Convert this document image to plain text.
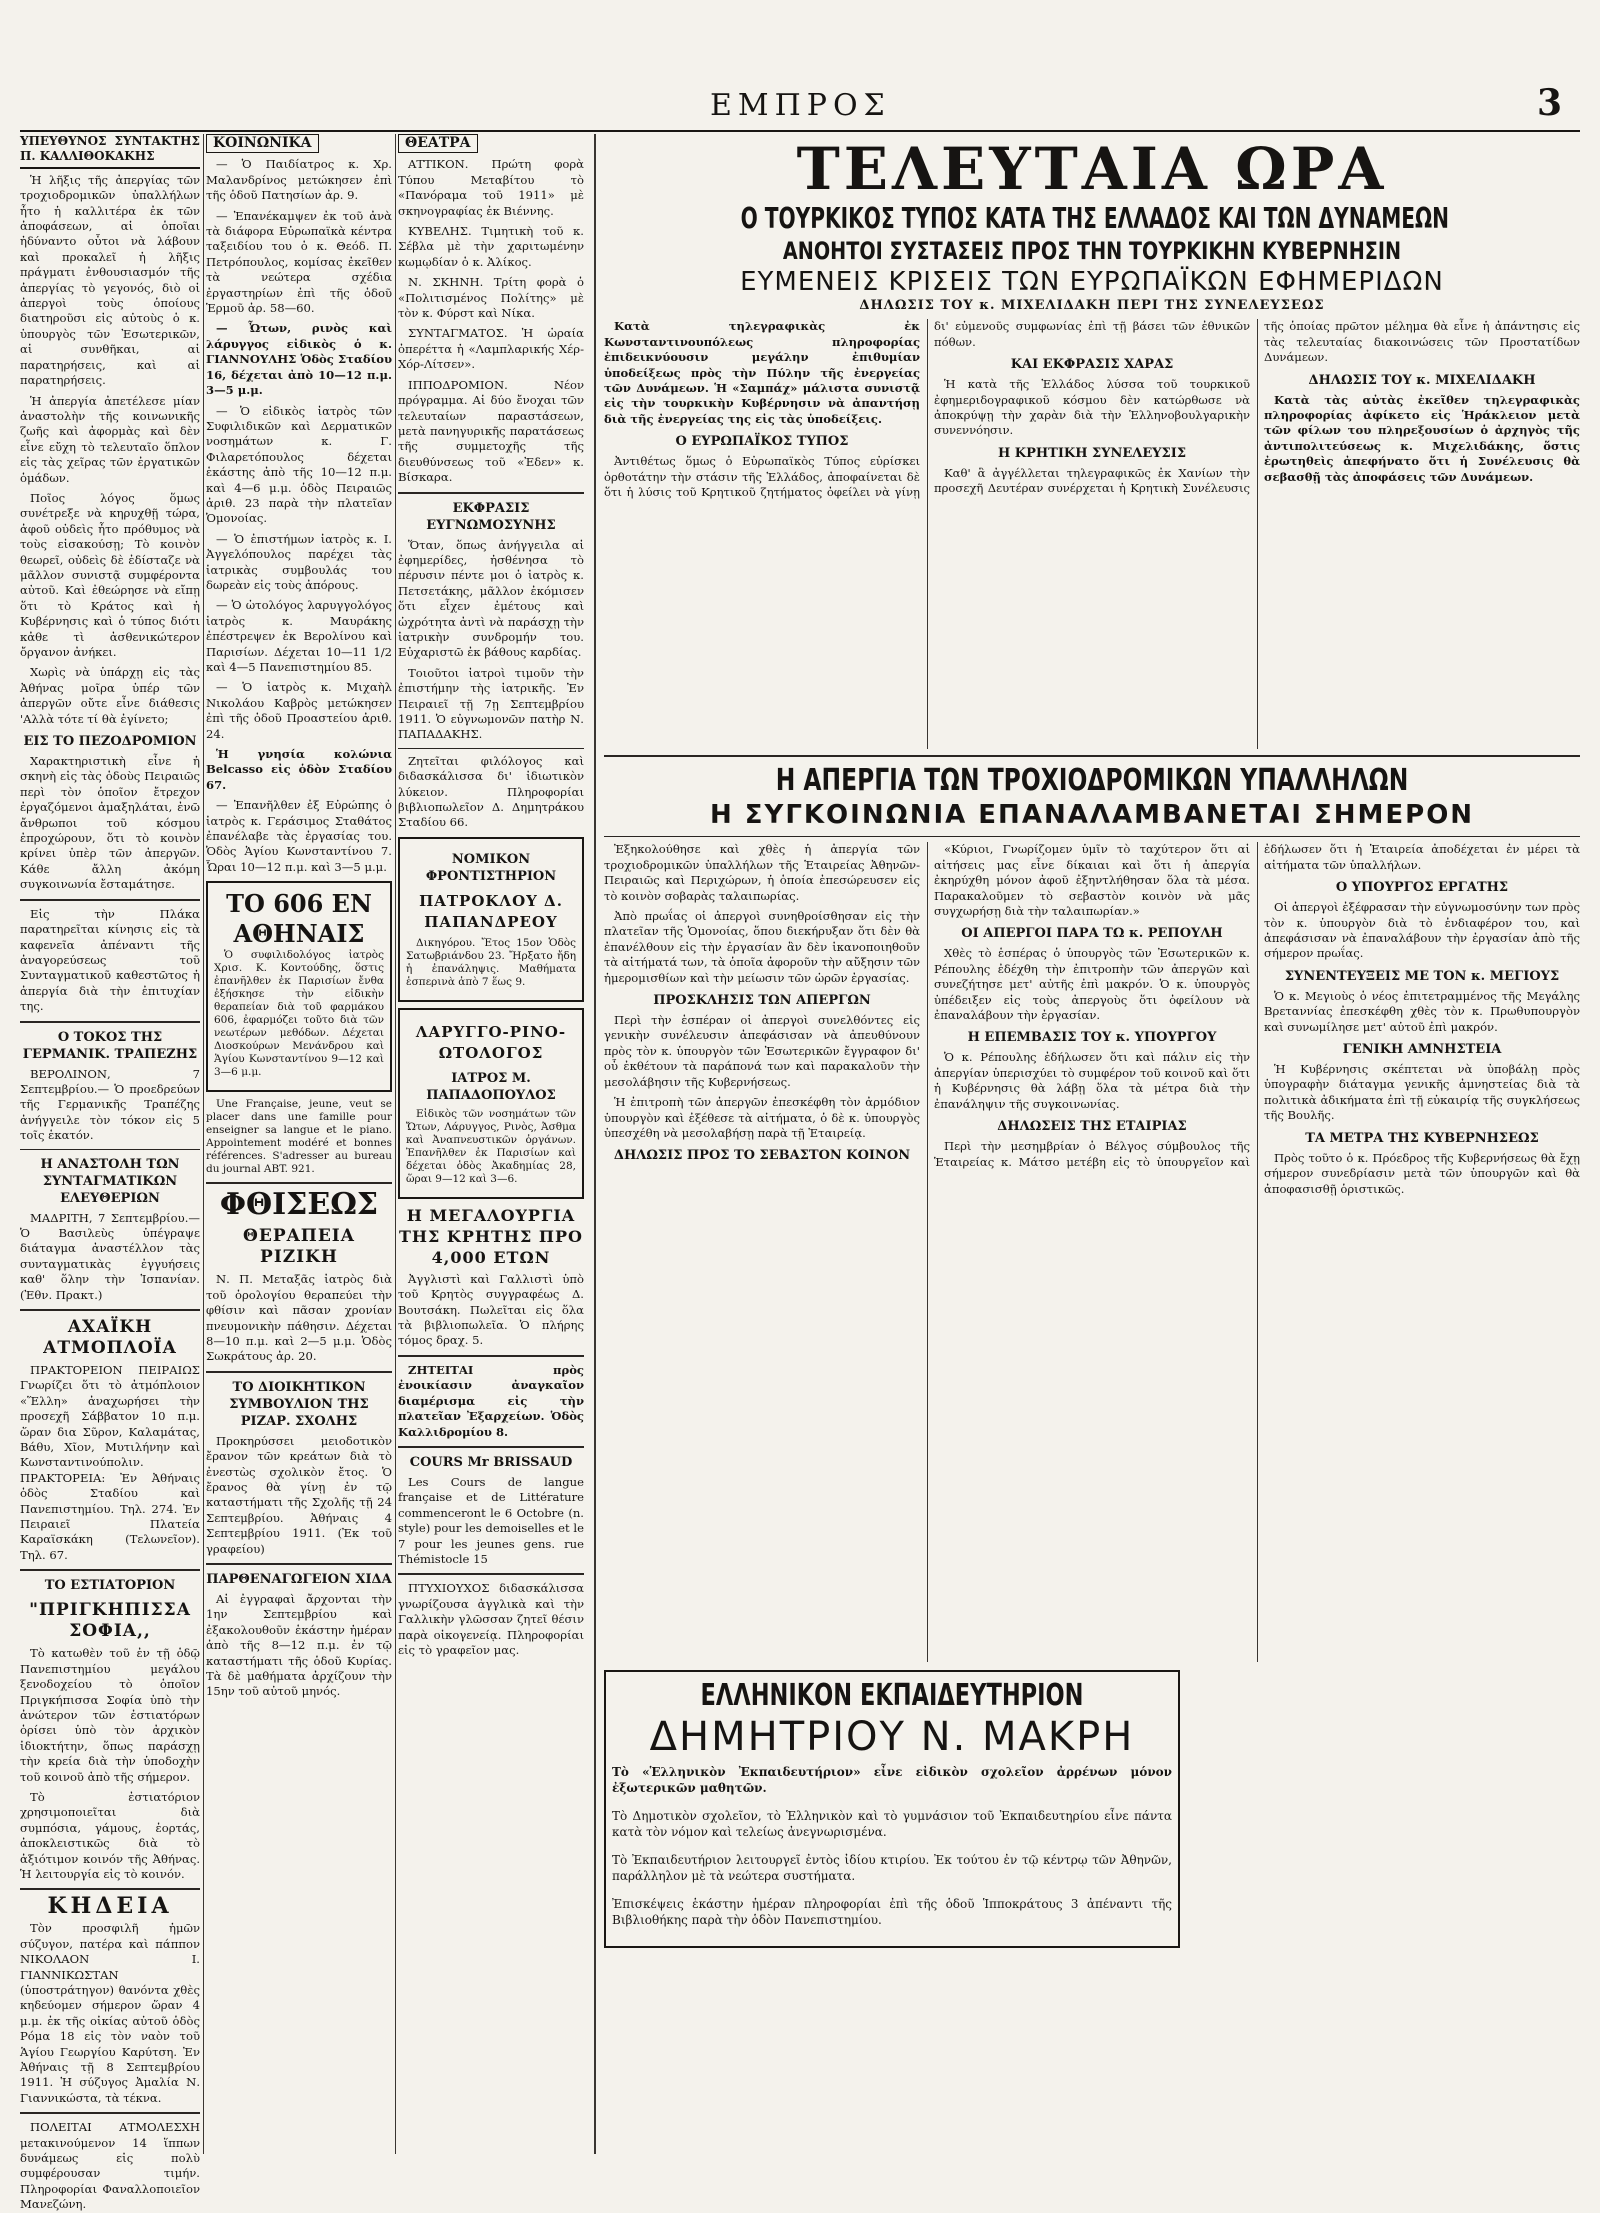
ΕΜΠΡΟΣ	3
ΥΠΕΥΘΥΝΟΣ ΣΥΝΤΑΚΤΗΣ Π. ΚΑΛΛΙΘΟΚΑΚΗΣ

Ἡ λῆξις τῆς ἀπεργίας τῶν τροχιοδρομικῶν ὑπαλλήλων ἦτο ἡ καλλιτέρα ἐκ τῶν ἀποφάσεων, αἱ ὁποῖαι ἠδύναντο οὗτοι νὰ λάβουν καὶ προκαλεῖ ἡ λῆξις πράγματι ἐνθουσιασμόν τῆς ἀπεργίας τὸ γεγονός, διὸ οἱ ἀπεργοὶ τοὺς ὁποίους διατηροῦσι εἰς αὐτοὺς ὁ κ. ὑπουργὸς τῶν Ἐσωτερικῶν, αἱ συνθῆκαι, αἱ παρατηρήσεις, καὶ αἱ παρατηρήσεις.

Ἡ ἀπεργία ἀπετέλεσε μίαν ἀναστολὴν τῆς κοινωνικῆς ζωῆς καὶ ἀφορμὰς καὶ δὲν εἶνε εὔχη τὸ τελευταῖο ὅπλον εἰς τὰς χεῖρας τῶν ἐργατικῶν ὁμάδων.

Ποῖος λόγος ὅμως συνέτρεξε νὰ κηρυχθῇ τώρα, ἀφοῦ οὐδεὶς ἦτο πρόθυμος νὰ τοὺς εἰσακούσῃ; Τὸ κοινὸν θεωρεῖ, οὐδεὶς δὲ ἐδίσταζε νὰ μᾶλλον συνιστᾷ συμφέροντα αὐτοῦ. Καὶ ἐθεώρησε νὰ εἴπῃ ὅτι τὸ Κράτος καὶ ἡ Κυβέρνησις καὶ ὁ τύπος διότι κἀθε τὶ ἀσθενικώτερον ὄργανον ἀνήκει.

Χωρὶς νὰ ὑπάρχῃ εἰς τὰς Ἀθήνας μοῖρα ὑπέρ τῶν ἀπεργῶν οὔτε εἶνε διάθεσις 'Αλλὰ τότε τί θὰ ἐγίνετο;

ΕΙΣ ΤΟ ΠΕΖΟΔΡΟΜΙΟΝ

Χαρακτηριστικὴ εἶνε ἡ σκηνὴ εἰς τὰς ὁδοὺς Πειραιῶς περὶ τὸν ὁποῖον ἔτρεχον ἐργαζόμενοι ἀμαξηλάται, ἐνῶ ἄνθρωποι τοῦ κόσμου ἐπροχώρουν, ὅτι τὸ κοινὸν κρίνει ὑπὲρ τῶν ἀπεργῶν. Κάθε ἄλλη ἀκόμη συγκοινωνία ἔσταμάτησε.

Εἰς τὴν Πλάκα παρατηρεῖται κίνησις εἰς τὰ καφενεῖα ἀπέναντι τῆς ἀναγορεύσεως τοῦ Συνταγματικοῦ καθεστῶτος ἡ ἀπεργία διὰ τὴν ἐπιτυχίαν της.

Ο ΤΟΚΟΣ ΤΗΣ ΓΕΡΜΑΝΙΚ. ΤΡΑΠΕΖΗΣ

ΒΕΡΟΛΙΝΟΝ, 7 Σεπτεμβρίου.— Ὁ προεδρεύων τῆς Γερμανικῆς Τραπέζης ἀνήγγειλε τὸν τόκον εἰς 5 τοῖς ἑκατόν.

Η ΑΝΑΣΤΟΛΗ ΤΩΝ ΣΥΝΤΑΓΜΑΤΙΚΩΝ ΕΛΕΥΘΕΡΙΩΝ

ΜΑΔΡΙΤΗ, 7 Σεπτεμβρίου.— Ὁ Βασιλεὺς ὑπέγραψε διάταγμα ἀναστέλλον τὰς συνταγματικὰς ἐγγυήσεις καθ' ὅλην τὴν Ἱσπανίαν. (Ἐθν. Πρακτ.)

ΑΧΑΪΚΗ ΑΤΜΟΠΛΟΪΑ

ΠΡΑΚΤΟΡΕΙΟΝ ΠΕΙΡΑΙΩΣ Γνωρίζει ὅτι τὸ ἀτμόπλοιον «Ἕλλη» ἀναχωρήσει τὴν προσεχῆ Σάββατον 10 π.μ. ὥραν δια Σῦρον, Καλαμάτας, Βάθυ, Χῖον, Μυτιλήνην καὶ Κωνσταντινούπολιν. ΠΡΑΚΤΟΡΕΙΑ: Ἐν Ἀθήναις ὁδὸς Σταδίου καὶ Πανεπιστημίου. Τηλ. 274. Ἐν Πειραιεῖ Πλατεία Καραϊσκάκη (Τελωνεῖον). Τηλ. 67.

ΤΟ ΕΣΤΙΑΤΟΡΙΟΝ
"ΠΡΙΓΚΗΠΙΣΣΑ ΣΟΦΙΑ,,

Τὸ κατωθὲν τοῦ ἐν τῇ ὁδῷ Πανεπιστημίου μεγάλου ξενοδοχείου τὸ ὁποῖον Πριγκήπισσα Σοφία ὑπὸ τὴν ἀνώτερον τῶν ἐστιατόρων ὁρίσει ὑπὸ τὸν ἀρχικὸν ἰδιοκτήτην, ὅπως παράσχῃ τὴν κρεία διὰ τὴν ὑποδοχὴν τοῦ κοινοῦ ἀπὸ τῆς σήμερον.

Τὸ ἐστιατόριον χρησιμοποιεῖται διὰ συμπόσια, γάμους, ἑορτάς, ἀποκλειστικῶς διὰ τὸ ἀξιότιμον κοινόν τῆς Ἀθήνας. Ἡ λειτουργία εἰς τὸ κοινόν.

ΚΗΔΕΙΑ

Τὸν προσφιλῆ ἡμῶν σύζυγον, πατέρα καὶ πάππον ΝΙΚΟΛΑΟΝ Ι. ΓΙΑΝΝΙΚΩΣΤΑΝ (ὑποστράτηγον) θανόντα χθὲς κηδεύομεν σήμερον ὥραν 4 μ.μ. ἐκ τῆς οἰκίας αὐτοῦ ὁδὸς Ρόμα 18 εἰς τὸν ναὸν τοῦ Ἁγίου Γεωργίου Καρύτση. Ἐν Ἀθήναις τῇ 8 Σεπτεμβρίου 1911. Ἡ σύζυγος Ἀμαλία Ν. Γιαννικώστα, τὰ τέκνα.

ΠΟΛΕΙΤΑΙ ΑΤΜΟΛΕΣΧΗ μετακινούμενον 14 ἵππων δυνάμεως εἰς πολὺ συμφέρουσαν τιμήν. Πληροφορίαι Φαναλλοποιεῖον Μανεζώνη.

ΚΟΙΝΩΝΙΚΑ

— Ὁ Παιδίατρος κ. Χρ. Μαλανδρίνος μετώκησεν ἐπὶ τῆς ὁδοῦ Πατησίων ἀρ. 9.

— Ἐπανέκαμψεν ἐκ τοῦ ἀνὰ τὰ διάφορα Εὐρωπαϊκὰ κέντρα ταξειδίου του ὁ κ. Θεόδ. Π. Πετρόπουλος, κομίσας ἐκεῖθεν τὰ νεώτερα σχέδια ἐργαστηρίων ἐπὶ τῆς ὁδοῦ Ἑρμοῦ ἀρ. 58—60.

— Ὦτων, ρινὸς καὶ λάρυγγος εἰδικὸς ὁ κ. ΓΙΑΝΝΟΥΛΗΣ Ὁδὸς Σταδίου 16, δέχεται ἀπὸ 10—12 π.μ. 3—5 μ.μ.

— Ὁ εἰδικὸς ἰατρὸς τῶν Συφιλιδικῶν καὶ Δερματικῶν νοσημάτων κ. Γ. Φιλαρετόπουλος δέχεται ἑκάστης ἀπὸ τῆς 10—12 π.μ. καὶ 4—6 μ.μ. ὁδὸς Πειραιῶς ἀριθ. 23 παρὰ τὴν πλατεῖαν Ὁμονοίας.

— Ὁ ἐπιστήμων ἰατρὸς κ. Ι. Ἀγγελόπουλος παρέχει τὰς ἰατρικὰς συμβουλάς του δωρεὰν εἰς τοὺς ἀπόρους.

— Ὁ ὠτολόγος λαρυγγολόγος ἰατρὸς κ. Μαυράκης ἐπέστρεψεν ἐκ Βερολίνου καὶ Παρισίων. Δέχεται 10—11 1/2 καὶ 4—5 Πανεπιστημίου 85.

— Ὁ ἰατρὸς κ. Μιχαὴλ Νικολάου Καβρὸς μετώκησεν ἐπὶ τῆς ὁδοῦ Προαστείου ἀριθ. 24.

Ἡ γνησία κολώνια Belcasso εἰς ὁδὸν Σταδίου 67.

— Ἐπανῆλθεν ἐξ Εὐρώπης ὁ ἰατρὸς κ. Γεράσιμος Σταθάτος ἐπανέλαβε τὰς ἐργασίας του. Ὁδὸς Ἁγίου Κωνσταντίνου 7. Ὧραι 10—12 π.μ. καὶ 3—5 μ.μ.

ΤΟ 606 ΕΝ ΑΘΗΝΑΙΣ

Ὁ συφιλιδολόγος ἰατρὸς Χρισ. Κ. Κοντούδης, ὅστις ἐπανῆλθεν ἐκ Παρισίων ἔνθα ἐξήσκησε τὴν εἰδικὴν θεραπείαν διὰ τοῦ φαρμάκου 606, ἐφαρμόζει τοῦτο διὰ τῶν νεωτέρων μεθόδων. Δέχεται Διοσκούρων Μενάνδρου καὶ Ἁγίου Κωνσταντίνου 9—12 καὶ 3—6 μ.μ.

Une Française, jeune, veut se placer dans une famille pour enseigner sa langue et le piano. Appointement modéré et bonnes références. S'adresser au bureau du journal ABT. 921.

ΦΘΙΣΕΩΣ
ΘΕΡΑΠΕΙΑ ΡΙΖΙΚΗ

Ν. Π. Μεταξᾶς ἰατρὸς διὰ τοῦ ὁρολογίου θεραπεύει τὴν φθίσιν καὶ πᾶσαν χρονίαν πνευμονικὴν πάθησιν. Δέχεται 8—10 π.μ. καὶ 2—5 μ.μ. Ὁδὸς Σωκράτους ἀρ. 20.

ΤΟ ΔΙΟΙΚΗΤΙΚΟΝ ΣΥΜΒΟΥΛΙΟΝ ΤΗΣ ΡΙΖΑΡ. ΣΧΟΛΗΣ

Προκηρύσσει μειοδοτικὸν ἔρανον τῶν κρεάτων διὰ τὸ ἐνεστὼς σχολικὸν ἔτος. Ὁ ἔρανος θὰ γίνῃ ἐν τῷ καταστήματι τῆς Σχολῆς τῇ 24 Σεπτεμβρίου. Ἀθήναις 4 Σεπτεμβρίου 1911. (Ἐκ τοῦ γραφείου)

ΠΑΡΘΕΝΑΓΩΓΕΙΟΝ ΧΙΔΑ

Αἱ ἐγγραφαὶ ἄρχονται τὴν 1ην Σεπτεμβρίου καὶ ἐξακολουθοῦν ἑκάστην ἡμέραν ἀπὸ τῆς 8—12 π.μ. ἐν τῷ καταστήματι τῆς ὁδοῦ Κυρίας. Τὰ δὲ μαθήματα ἀρχίζουν τὴν 15ην τοῦ αὐτοῦ μηνός.

ΘΕΑΤΡΑ

ΑΤΤΙΚΟΝ. Πρώτη φορὰ Τύπου Μεταβίτου τὸ «Πανόραμα τοῦ 1911» μὲ σκηνογραφίας ἐκ Βιέννης.

ΚΥΒΕΛΗΣ. Τιμητικὴ τοῦ κ. Σέβλα μὲ τὴν χαριτωμένην κωμῳδίαν ὁ κ. Ἀλίκος.

Ν. ΣΚΗΝΗ. Τρίτη φορὰ ὁ «Πολιτισμένος Πολίτης» μὲ τὸν κ. Φύρστ καὶ Νίκα.

ΣΥΝΤΑΓΜΑΤΟΣ. Ἡ ὡραία ὀπερέττα ἡ «Λαμπλαρικής Χέρ-Χόρ-Λίτσεν».

ΙΠΠΟΔΡΟΜΙΟΝ. Νέον πρόγραμμα. Αἱ δύο ἔνοχαι τῶν τελευταίων παραστάσεων, μετὰ πανηγυρικῆς παρατάσεως τῆς συμμετοχῆς τῆς διευθύνσεως τοῦ «Ἐδεν» κ. Βίσκαρα.

ΕΚΦΡΑΣΙΣ ΕΥΓΝΩΜΟΣΥΝΗΣ

Ὅταν, ὅπως ἀνήγγειλα αἱ ἐφημερίδες, ἠσθένησα τὸ πέρυσιν πέντε μοι ὁ ἰατρὸς κ. Πετσετάκης, μᾶλλον ἐκόμισεν ὅτι εἶχεν ἐμέτους καὶ ὠχρότητα ἀντὶ νὰ παράσχῃ τὴν ἰατρικὴν συνδρομήν του. Εὐχαριστῶ ἐκ βάθους καρδίας.

Τοιοῦτοι ἰατροὶ τιμοῦν τὴν ἐπιστήμην τὴς ἰατρικῆς. Ἐν Πειραιεῖ τῇ 7ῃ Σεπτεμβρίου 1911. Ὁ εὐγνωμονῶν πατὴρ Ν. ΠΑΠΑΔΑΚΗΣ.

Ζητεῖται φιλόλογος καὶ διδασκάλισσα δι' ἰδιωτικὸν λύκειον. Πληροφορίαι βιβλιοπωλεῖον Δ. Δημητράκου Σταδίου 66.

ΝΟΜΙΚΟΝ ΦΡΟΝΤΙΣΤΗΡΙΟΝ
ΠΑΤΡΟΚΛΟΥ Δ. ΠΑΠΑΝΔΡΕΟΥ

Δικηγόρου. Ἔτος 15ον Ὁδὸς Σατωβριάνδου 23. Ἤρξατο ἤδη ἡ ἐπανάληψις. Μαθήματα ἑσπερινὰ ἀπὸ 7 ἕως 9.

ΛΑΡΥΓΓΟ-ΡΙΝΟ-ΩΤΟΛΟΓΟΣ
ΙΑΤΡΟΣ Μ. ΠΑΠΑΔΟΠΟΥΛΟΣ

Εἰδικὸς τῶν νοσημάτων τῶν Ὤτων, Λάρυγγος, Ρινὸς, Ἀσθμα καὶ Ἀναπνευστικῶν ὀργάνων. Ἐπανῆλθεν ἐκ Παρισίων καὶ δέχεται ὁδὸς Ἀκαδημίας 28, ὥραι 9—12 καὶ 3—6.

Η ΜΕΓΑΛΟΥΡΓΙΑ ΤΗΣ ΚΡΗΤΗΣ ΠΡΟ 4,000 ΕΤΩΝ

Ἀγγλιστὶ καὶ Γαλλιστὶ ὑπὸ τοῦ Κρητὸς συγγραφέως Δ. Βουτσάκη. Πωλεῖται εἰς ὅλα τὰ βιβλιοπωλεῖα. Ὁ πλήρης τόμος δραχ. 5.

ΖΗΤΕΙΤΑΙ πρὸς ἐνοικίασιν ἀναγκαῖον διαμέρισμα εἰς τὴν πλατεῖαν Ἐξαρχείων. Ὁδὸς Καλλιδρομίου 8.

COURS Mr BRISSAUD

Les Cours de langue française et de Littérature commenceront le 6 Octobre (n. style) pour les demoiselles et le 7 pour les jeunes gens. rue Thémistocle 15

ΠΤΥΧΙΟΥΧΟΣ διδασκάλισσα γνωρίζουσα ἀγγλικὰ καὶ τὴν Γαλλικὴν γλῶσσαν ζητεῖ θέσιν παρὰ οἰκογενείᾳ. Πληροφορίαι εἰς τὸ γραφεῖον μας.

ΤΕΛΕΥΤΑΙΑ ΩΡΑ
Ο ΤΟΥΡΚΙΚΟΣ ΤΥΠΟΣ ΚΑΤΑ ΤΗΣ ΕΛΛΑΔΟΣ ΚΑΙ ΤΩΝ ΔΥΝΑΜΕΩΝ
ΑΝΟΗΤΟΙ ΣΥΣΤΑΣΕΙΣ ΠΡΟΣ ΤΗΝ ΤΟΥΡΚΙΚΗΝ ΚΥΒΕΡΝΗΣΙΝ
ΕΥΜΕΝΕΙΣ ΚΡΙΣΕΙΣ ΤΩΝ ΕΥΡΩΠΑΪΚΩΝ ΕΦΗΜΕΡΙΔΩΝ
ΔΗΛΩΣΙΣ ΤΟΥ κ. ΜΙΧΕΛΙΔΑΚΗ ΠΕΡΙ ΤΗΣ ΣΥΝΕΛΕΥΣΕΩΣ

Κατὰ τηλεγραφικὰς ἐκ Κωνσταντινουπόλεως πληροφορίας ἐπιδεικνύουσιν μεγάλην ἐπιθυμίαν ὑποδείξεως πρὸς τὴν Πύλην τῆς ἐνεργείας τῶν Δυνάμεων. Ἡ «Σαμπάχ» μάλιστα συνιστᾷ εἰς τὴν τουρκικὴν Κυβέρνησιν νὰ ἀπαντήσῃ διὰ τῆς ἐνεργείας της εἰς τὰς ὑποδείξεις.

Ο ΕΥΡΩΠΑΪΚΟΣ ΤΥΠΟΣ

Ἀντιθέτως ὅμως ὁ Εὐρωπαϊκὸς Τύπος εὑρίσκει ὀρθοτάτην τὴν στάσιν τῆς Ἑλλάδος, ἀποφαίνεται δὲ ὅτι ἡ λύσις τοῦ Κρητικοῦ ζητήματος ὀφείλει νὰ γίνῃ δι' εὐμενοῦς συμφωνίας ἐπὶ τῇ βάσει τῶν ἐθνικῶν πόθων.

ΚΑΙ ΕΚΦΡΑΣΙΣ ΧΑΡΑΣ

Ἡ κατὰ τῆς Ἑλλάδος λύσσα τοῦ τουρκικοῦ ἐφημεριδογραφικοῦ κόσμου δὲν κατώρθωσε νὰ ἀποκρύψῃ τὴν χαρὰν διὰ τὴν Ἑλληνοβουλγαρικὴν συνεννόησιν.

Η ΚΡΗΤΙΚΗ ΣΥΝΕΛΕΥΣΙΣ

Καθ' ἃ ἀγγέλλεται τηλεγραφικῶς ἐκ Χανίων τὴν προσεχῆ Δευτέραν συνέρχεται ἡ Κρητικὴ Συνέλευσις τῆς ὁποίας πρῶτον μέλημα θὰ εἶνε ἡ ἀπάντησις εἰς τὰς τελευταίας διακοινώσεις τῶν Προστατίδων Δυνάμεων.

ΔΗΛΩΣΙΣ ΤΟΥ κ. ΜΙΧΕΛΙΔΑΚΗ

Κατὰ τὰς αὐτὰς ἐκεῖθεν τηλεγραφικὰς πληροφορίας ἀφίκετο εἰς Ἡράκλειον μετὰ τῶν φίλων του πληρεξουσίων ὁ ἀρχηγὸς τῆς ἀντιπολιτεύσεως κ. Μιχελιδάκης, ὅστις ἐρωτηθεὶς ἀπεφήνατο ὅτι ἡ Συνέλευσις θὰ σεβασθῇ τὰς ἀποφάσεις τῶν Δυνάμεων.

Η ΑΠΕΡΓΙΑ ΤΩΝ ΤΡΟΧΙΟΔΡΟΜΙΚΩΝ ΥΠΑΛΛΗΛΩΝ
Η ΣΥΓΚΟΙΝΩΝΙΑ ΕΠΑΝΑΛΑΜΒΑΝΕΤΑΙ ΣΗΜΕΡΟΝ

Ἐξηκολούθησε καὶ χθὲς ἡ ἀπεργία τῶν τροχιοδρομικῶν ὑπαλλήλων τῆς Ἑταιρείας Ἀθηνῶν-Πειραιῶς καὶ Περιχώρων, ἡ ὁποία ἐπεσώρευσεν εἰς τὸ κοινὸν σοβαρὰς ταλαιπωρίας.

Ἀπὸ πρωΐας οἱ ἀπεργοὶ συνηθροίσθησαν εἰς τὴν πλατεῖαν τῆς Ὁμονοίας, ὅπου διεκήρυξαν ὅτι δὲν θὰ ἐπανέλθουν εἰς τὴν ἐργασίαν ἂν δὲν ἱκανοποιηθοῦν τὰ αἰτήματά των, τὰ ὁποῖα ἀφοροῦν τὴν αὔξησιν τῶν ἡμερομισθίων καὶ τὴν μείωσιν τῶν ὡρῶν ἐργασίας.

ΠΡΟΣΚΛΗΣΙΣ ΤΩΝ ΑΠΕΡΓΩΝ

Περὶ τὴν ἑσπέραν οἱ ἀπεργοὶ συνελθόντες εἰς γενικὴν συνέλευσιν ἀπεφάσισαν νὰ ἀπευθύνουν πρὸς τὸν κ. ὑπουργὸν τῶν Ἐσωτερικῶν ἔγγραφον δι' οὗ ἐκθέτουν τὰ παράπονά των καὶ παρακαλοῦν τὴν μεσολάβησιν τῆς Κυβερνήσεως.

Ἡ ἐπιτροπὴ τῶν ἀπεργῶν ἐπεσκέφθη τὸν ἀρμόδιον ὑπουργὸν καὶ ἐξέθεσε τὰ αἰτήματα, ὁ δὲ κ. ὑπουργὸς ὑπεσχέθη νὰ μεσολαβήσῃ παρὰ τῇ Ἑταιρείᾳ.

ΔΗΛΩΣΙΣ ΠΡΟΣ ΤΟ ΣΕΒΑΣΤΟΝ ΚΟΙΝΟΝ

«Κύριοι, Γνωρίζομεν ὑμῖν τὸ ταχύτερον ὅτι αἱ αἰτήσεις μας εἶνε δίκαιαι καὶ ὅτι ἡ ἀπεργία ἐκηρύχθη μόνον ἀφοῦ ἐξηντλήθησαν ὅλα τὰ μέσα. Παρακαλοῦμεν τὸ σεβαστὸν κοινὸν νὰ μᾶς συγχωρήσῃ διὰ τὴν ταλαιπωρίαν.»

ΟΙ ΑΠΕΡΓΟΙ ΠΑΡΑ ΤΩ κ. ΡΕΠΟΥΛΗ

Χθὲς τὸ ἑσπέρας ὁ ὑπουργὸς τῶν Ἐσωτερικῶν κ. Ρέπουλης ἐδέχθη τὴν ἐπιτροπὴν τῶν ἀπεργῶν καὶ συνεζήτησε μετ' αὐτῆς ἐπὶ μακρόν. Ὁ κ. ὑπουργὸς ὑπέδειξεν εἰς τοὺς ἀπεργοὺς ὅτι ὀφείλουν νὰ ἐπαναλάβουν τὴν ἐργασίαν.

Η ΕΠΕΜΒΑΣΙΣ ΤΟΥ κ. ΥΠΟΥΡΓΟΥ

Ὁ κ. Ρέπουλης ἐδήλωσεν ὅτι καὶ πάλιν εἰς τὴν ἀπεργίαν ὑπερισχύει τὸ συμφέρον τοῦ κοινοῦ καὶ ὅτι ἡ Κυβέρνησις θὰ λάβῃ ὅλα τὰ μέτρα διὰ τὴν ἐπανάληψιν τῆς συγκοινωνίας.

ΔΗΛΩΣΕΙΣ ΤΗΣ ΕΤΑΙΡΙΑΣ

Περὶ τὴν μεσημβρίαν ὁ Βέλγος σύμβουλος τῆς Ἑταιρείας κ. Μάτσο μετέβη εἰς τὸ ὑπουργεῖον καὶ ἐδήλωσεν ὅτι ἡ Ἑταιρεία ἀποδέχεται ἐν μέρει τὰ αἰτήματα τῶν ὑπαλλήλων.

Ο ΥΠΟΥΡΓΟΣ ΕΡΓΑΤΗΣ

Οἱ ἀπεργοὶ ἐξέφρασαν τὴν εὐγνωμοσύνην των πρὸς τὸν κ. ὑπουργὸν διὰ τὸ ἐνδιαφέρον του, καὶ ἀπεφάσισαν νὰ ἐπαναλάβουν τὴν ἐργασίαν ἀπὸ τῆς σήμερον πρωΐας.

ΣΥΝΕΝΤΕΥΞΕΙΣ ΜΕ ΤΟΝ κ. ΜΕΓΙΟΥΣ

Ὁ κ. Μεγιοὺς ὁ νέος ἐπιτετραμμένος τῆς Μεγάλης Βρεταννίας ἐπεσκέφθη χθὲς τὸν κ. Πρωθυπουργὸν καὶ συνωμίλησε μετ' αὐτοῦ ἐπὶ μακρόν.

ΓΕΝΙΚΗ ΑΜΝΗΣΤΕΙΑ

Ἡ Κυβέρνησις σκέπτεται νὰ ὑποβάλῃ πρὸς ὑπογραφὴν διάταγμα γενικῆς ἀμνηστείας διὰ τὰ πολιτικὰ ἀδικήματα ἐπὶ τῇ εὐκαιρίᾳ τῆς συγκλήσεως τῆς Βουλῆς.

ΤΑ ΜΕΤΡΑ ΤΗΣ ΚΥΒΕΡΝΗΣΕΩΣ

Πρὸς τοῦτο ὁ κ. Πρόεδρος τῆς Κυβερνήσεως θὰ ἔχῃ σήμερον συνεδρίασιν μετὰ τῶν ὑπουργῶν καὶ θὰ ἀποφασισθῇ ὁριστικῶς.

ΕΛΛΗΝΙΚΟΝ ΕΚΠΑΙΔΕΥΤΗΡΙΟΝ
ΔΗΜΗΤΡΙΟΥ Ν. ΜΑΚΡΗ

Τὸ «Ἑλληνικὸν Ἐκπαιδευτήριον» εἶνε εἰδικὸν σχολεῖον ἀρρένων μόνον ἐξωτερικῶν μαθητῶν.

Τὸ Δημοτικὸν σχολεῖον, τὸ Ἑλληνικὸν καὶ τὸ γυμνάσιον τοῦ Ἐκπαιδευτηρίου εἶνε πάντα κατὰ τὸν νόμον καὶ τελείως ἀνεγνωρισμένα.

Τὸ Ἐκπαιδευτήριον λειτουργεῖ ἐντὸς ἰδίου κτιρίου. Ἐκ τούτου ἐν τῷ κέντρῳ τῶν Ἀθηνῶν, παράλληλον μὲ τὰ νεώτερα συστήματα.

Ἐπισκέψεις ἑκάστην ἡμέραν πληροφορίαι ἐπὶ τῆς ὁδοῦ Ἱπποκράτους 3 ἀπέναντι τῆς Βιβλιοθήκης παρὰ τὴν ὁδὸν Πανεπιστημίου.
